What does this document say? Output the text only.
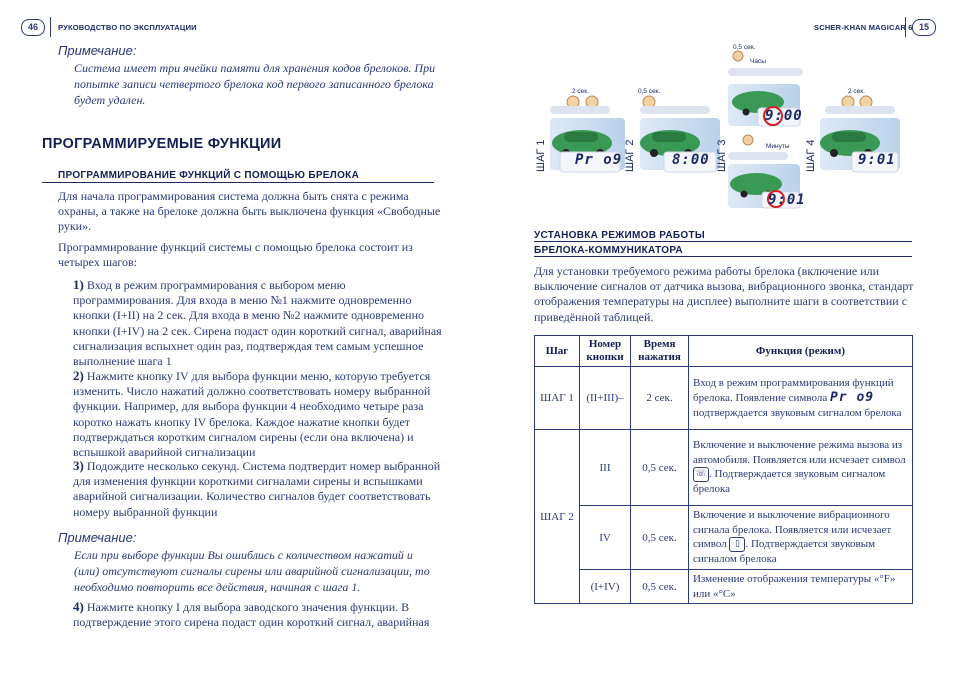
46	РУКОВОДСТВО ПО ЭКСПЛУАТАЦИИ	SCHER-KHAN MAGICAR 6 15
Примечание:
Система имеет три ячейки памяти для хранения кодов брелоков. При
попытке записи четвертого брелока код первого записанного брелока
будет удален.
ПРОГРАММИРУЕМЫЕ ФУНКЦИИ
ПРОГРАММИРОВАНИЕ ФУНКЦИЙ С ПОМОЩЬЮ БРЕЛОКА
Для начала программирования система должна быть снята с режима
охраны, а также на брелоке должна быть выключена функция «Свободные
руки».
Программирование функций системы с помощью брелока состоит из
четырех шагов:
1) Вход в режим программирования с выбором меню
программирования. Для входа в меню №1 нажмите одновременно
кнопки (I+II) на 2 сек. Для входа в меню №2 нажмите одновременно
кнопки (I+IV) на 2 сек. Сирена подаст один короткий сигнал, аварийная
сигнализация вспыхнет один раз, подтверждая тем самым успешное
выполнение шага 1
2) Нажмите кнопку IV для выбора функции меню, которую требуется
изменить. Число нажатий должно соответствовать номеру выбранной
функции. Например, для выбора функции 4 необходимо четыре раза
коротко нажать кнопку IV брелока. Каждое нажатие кнопки будет
подтверждаться коротким сигналом сирены (если она включена) и
вспышкой аварийной сигнализации
3) Подождите несколько секунд. Система подтвердит номер выбранной
для изменения функции короткими сигналами сирены и вспышками
аварийной сигнализации. Количество сигналов будет соответствовать
номеру выбранной функции
Примечание:
Если при выборе функции Вы ошиблись с количеством нажатий и
(или) отсутствуют сигналы сирены или аварийной сигнализации, то
необходимо повторить все действия, начиная с шага 1.
4) Нажмите кнопку I для выбора заводского значения функции. В
подтверждение этого сирена подаст один короткий сигнал, аварийная
ШАГ 1	ШАГ 2	ШАГ 3	ШАГ 4
2 сек.	0,5 сек.
0,5 сек.
2 сек.
Часы
Минуты
Pr o9	8:00
9:00
9:01
9:01
УСТАНОВКА РЕЖИМОВ РАБОТЫ
БРЕЛОКА-КОММУНИКАТОРА
Для установки требуемого режима работы брелока (включение или
выключение сигналов от датчика вызова, вибрационного звонка, стандарт
отображения температуры на дисплее) выполните шаги в соответствии с
приведённой таблицей.
Шаг	Номер кнопки	Время нажатия	Функция (режим)
ШАГ 1	(II+III)–	2 сек.	Вход в режим программирования функций брелока. Появление символа Pr o9 подтверждается звуковым сигналом брелока
ШАГ 2	III	0,5 сек.	Включение и выключение режима вызова из автомобиля. Появляется или исчезает символ ☏ . Подтверждается звуковым сигналом брелока
	IV	0,5 сек.	Включение и выключение вибрационного сигнала брелока. Появляется или исчезает символ ▯ . Подтверждается звуковым сигналом брелока
	(I+IV)	0,5 сек.	Изменение отображения температуры «°F» или «°C»
